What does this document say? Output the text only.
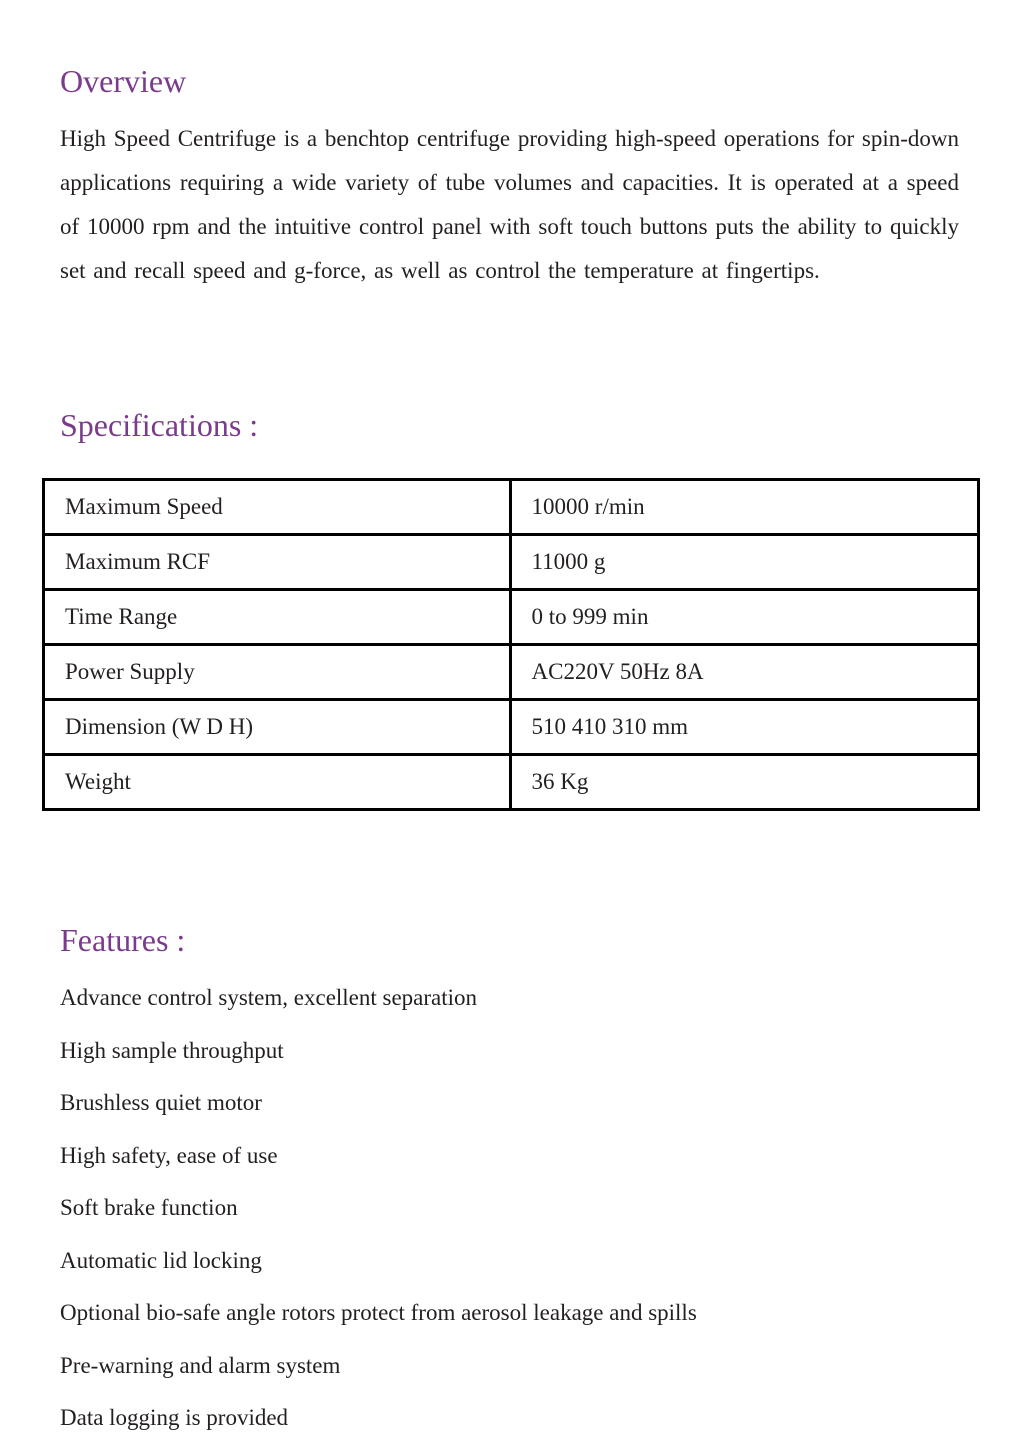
Overview

High Speed Centrifuge is a benchtop centrifuge providing high-speed operations for spin-down applications requiring a wide variety of tube volumes and capacities. It is operated at a speed of 10000 rpm and the intuitive control panel with soft touch buttons puts the ability to quickly set and recall speed and g-force, as well as control the temperature at fingertips.

Specifications :
Maximum Speed	10000 r/min
Maximum RCF	11000 g
Time Range	0 to 999 min
Power Supply	AC220V 50Hz 8A
Dimension (W D H)	510 410 310 mm
Weight	36 Kg
Features :
Advance control system, excellent separation
High sample throughput
Brushless quiet motor
High safety, ease of use
Soft brake function
Automatic lid locking
Optional bio-safe angle rotors protect from aerosol leakage and spills
Pre-warning and alarm system
Data logging is provided
